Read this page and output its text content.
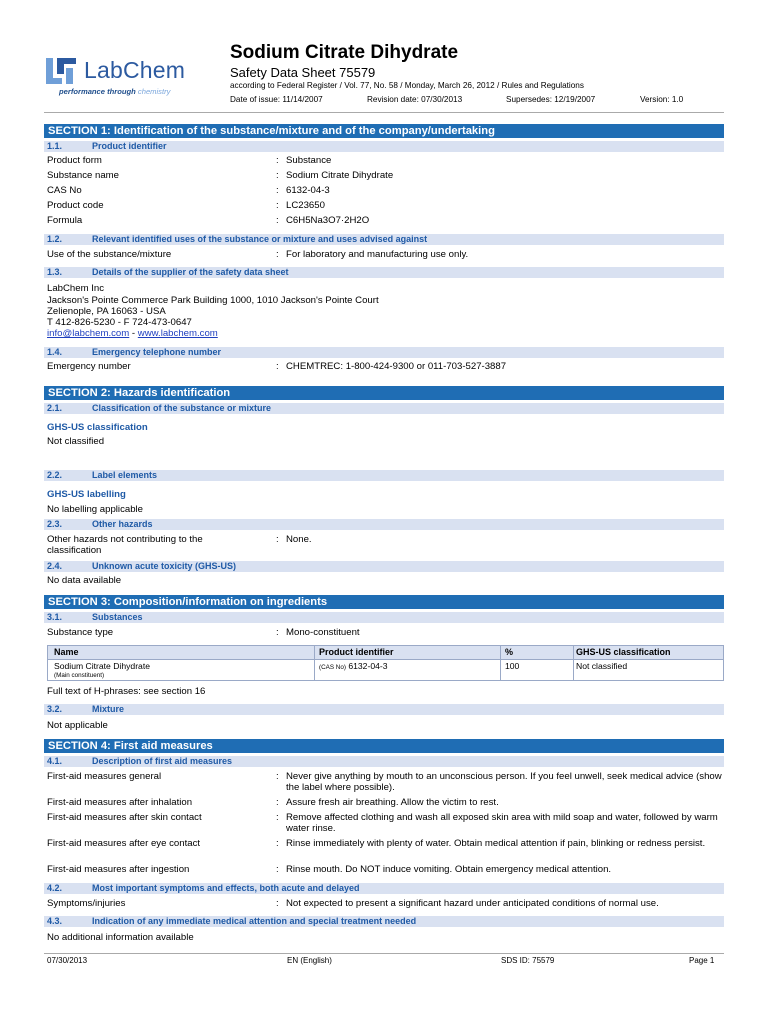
LabChem
performance through chemistry
Sodium Citrate Dihydrate
Safety Data Sheet 75579
according to Federal Register / Vol. 77, No. 58 / Monday, March 26, 2012 / Rules and Regulations
Date of issue: 11/14/2007	Revision date: 07/30/2013	Supersedes: 12/19/2007	Version: 1.0
SECTION 1: Identification of the substance/mixture and of the company/undertaking
1.1.	Product identifier
Product form	: Substance
Substance name	: Sodium Citrate Dihydrate
CAS No	: 6132-04-3
Product code	: LC23650
Formula	: C6H5Na3O7·2H2O
1.2.	Relevant identified uses of the substance or mixture and uses advised against
Use of the substance/mixture	: For laboratory and manufacturing use only.
1.3.	Details of the supplier of the safety data sheet
LabChem Inc
Jackson's Pointe Commerce Park Building 1000, 1010 Jackson's Pointe Court
Zelienople, PA 16063 - USA
T 412-826-5230 - F 724-473-0647
info@labchem.com - www.labchem.com
1.4.	Emergency telephone number
Emergency number	: CHEMTREC: 1-800-424-9300 or 011-703-527-3887
SECTION 2: Hazards identification
2.1.	Classification of the substance or mixture
GHS-US classification
Not classified
2.2.	Label elements
GHS-US labelling
No labelling applicable
2.3.	Other hazards
Other hazards not contributing to the
classification
: None.
2.4.	Unknown acute toxicity (GHS-US)
No data available
SECTION 3: Composition/information on ingredients
3.1.	Substances
Substance type	: Mono-constituent
Name	Product identifier	%	GHS-US classification
Sodium Citrate Dihydrate
(Main constituent)
(CAS No) 6132-04-3	100	Not classified
Full text of H-phrases: see section 16
3.2.	Mixture
Not applicable
SECTION 4: First aid measures
4.1.	Description of first aid measures
First-aid measures general	: Never give anything by mouth to an unconscious person. If you feel unwell, seek medical advice (show the label where possible).
First-aid measures after inhalation	: Assure fresh air breathing. Allow the victim to rest.
First-aid measures after skin contact	: Remove affected clothing and wash all exposed skin area with mild soap and water, followed by warm water rinse.
First-aid measures after eye contact	: Rinse immediately with plenty of water. Obtain medical attention if pain, blinking or redness persist.
First-aid measures after ingestion	: Rinse mouth. Do NOT induce vomiting. Obtain emergency medical attention.
4.2.	Most important symptoms and effects, both acute and delayed
Symptoms/injuries	: Not expected to present a significant hazard under anticipated conditions of normal use.
4.3.	Indication of any immediate medical attention and special treatment needed
No additional information available
07/30/2013	EN (English)	SDS ID: 75579	Page 1
